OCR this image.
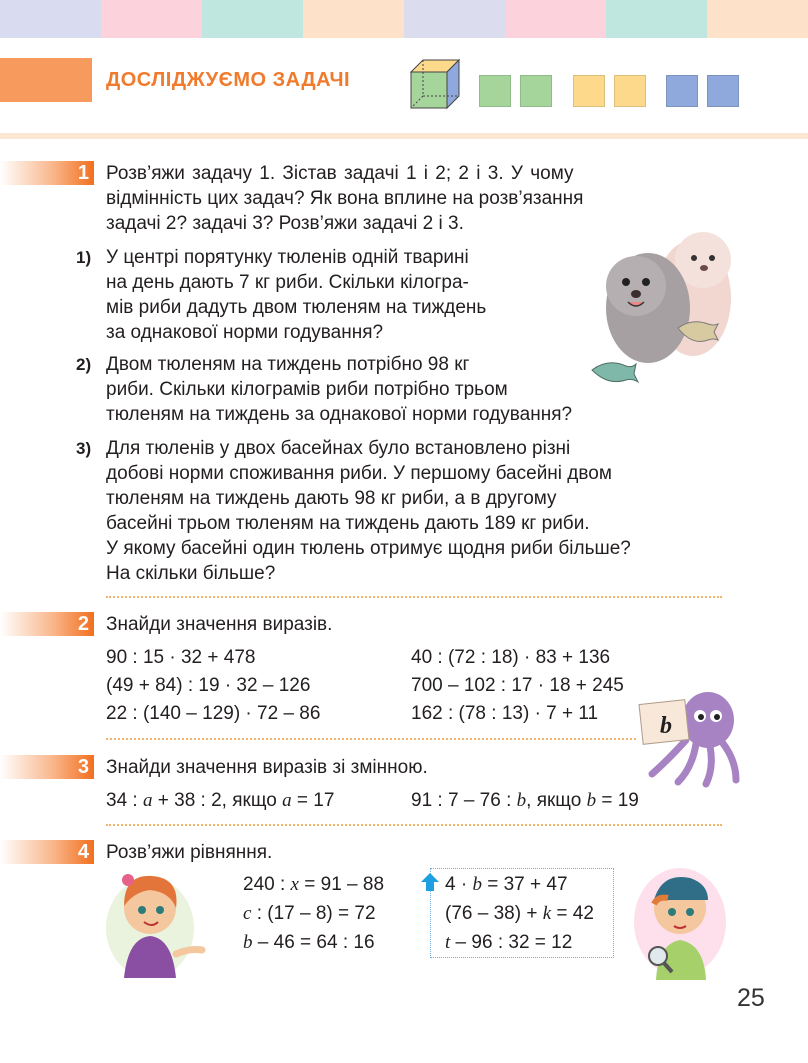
ДОСЛІДЖУЄМО ЗАДАЧІ
1 Розв’яжи задачу 1. Зістав задачі 1 і 2; 2 і 3. У чому
відмінність цих задач? Як вона вплине на розв’язання
задачі 2? задачі 3? Розв’яжи задачі 2 і 3.
1) У центрі порятунку тюленів одній тварині
на день дають 7 кг риби. Скільки кілогра-
мів риби дадуть двом тюленям на тиждень
за однакової норми годування?
2) Двом тюленям на тиждень потрібно 98 кг
риби. Скільки кілограмів риби потрібно трьом
тюленям на тиждень за однакової норми годування?
3) Для тюленів у двох басейнах було встановлено різні
добові норми споживання риби. У першому басейні двом
тюленям на тиждень дають 98 кг риби, а в другому
басейні трьом тюленям на тиждень дають 189 кг риби.
У якому басейні один тюлень отримує щодня риби більше?
На скільки більше?
2 Знайди значення виразів.
90 : 15 · 32 + 478
(49 + 84) : 19 · 32 – 126
22 : (140 – 129) · 72 – 86
40 : (72 : 18) · 83 + 136
700 – 102 : 17 · 18 + 245
162 : (78 : 13) · 7 + 11	b
3 Знайди значення виразів зі змінною.
34 : a + 38 : 2, якщо a = 17	91 : 7 – 76 : b, якщо b = 19
4 Розв’яжи рівняння.
240 : x = 91 – 88
c : (17 – 8) = 72
b – 46 = 64 : 16
4 · b = 37 + 47
(76 – 38) + k = 42
t – 96 : 32 = 12
25
